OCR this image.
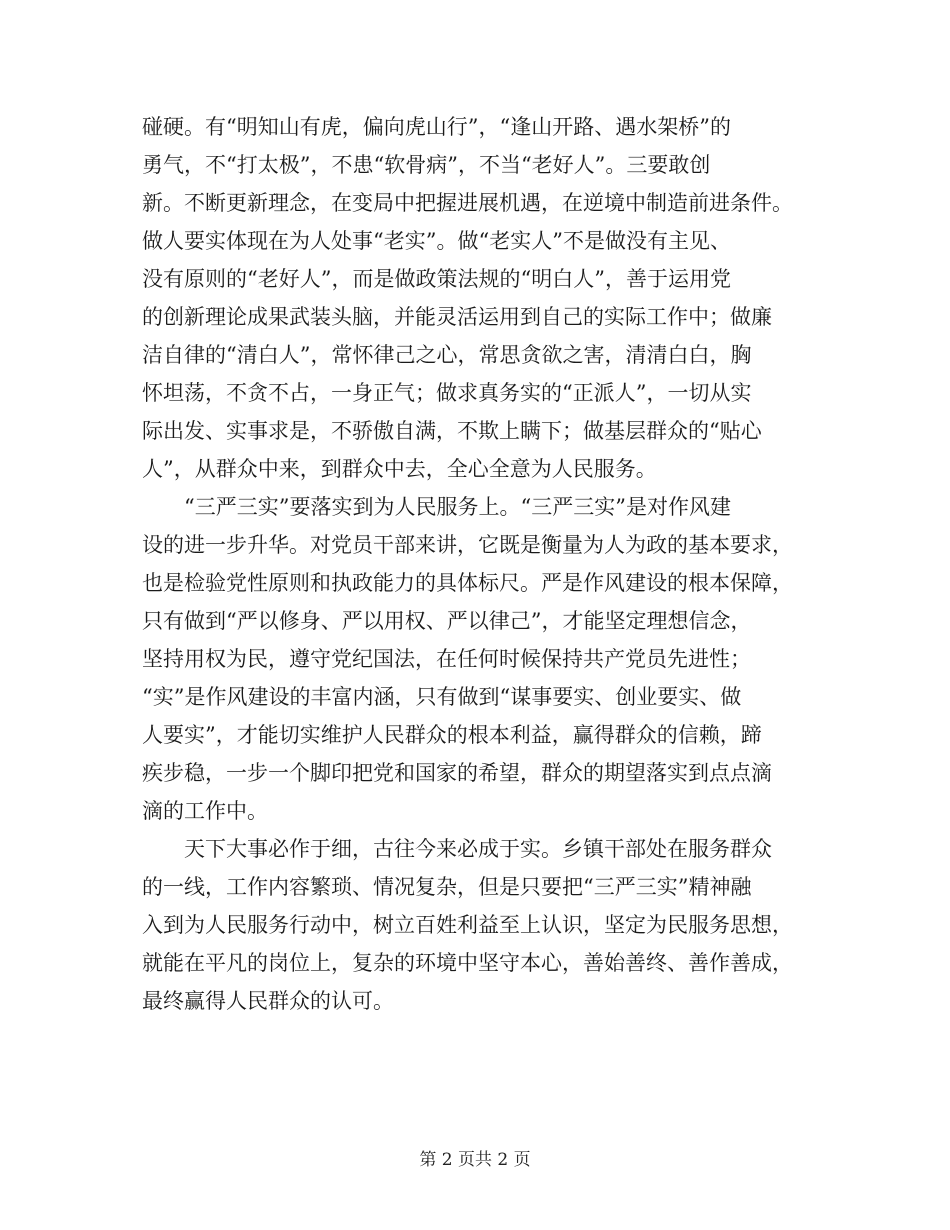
碰硬。有“明知山有虎，偏向虎山行”，“逢山开路、遇水架桥”的
勇气，不“打太极”，不患“软骨病”，不当“老好人”。三要敢创
新。不断更新理念，在变局中把握进展机遇，在逆境中制造前进条件。
做人要实体现在为人处事“老实”。做“老实人”不是做没有主见、
没有原则的“老好人”，而是做政策法规的“明白人”，善于运用党
的创新理论成果武装头脑，并能灵活运用到自己的实际工作中；做廉
洁自律的“清白人”，常怀律己之心，常思贪欲之害，清清白白，胸
怀坦荡，不贪不占，一身正气；做求真务实的“正派人”，一切从实
际出发、实事求是，不骄傲自满，不欺上瞒下；做基层群众的“贴心
人”，从群众中来，到群众中去，全心全意为人民服务。
“三严三实”要落实到为人民服务上。“三严三实”是对作风建
设的进一步升华。对党员干部来讲，它既是衡量为人为政的基本要求，
也是检验党性原则和执政能力的具体标尺。严是作风建设的根本保障，
只有做到“严以修身、严以用权、严以律己”，才能坚定理想信念，
坚持用权为民，遵守党纪国法，在任何时候保持共产党员先进性；
“实”是作风建设的丰富内涵，只有做到“谋事要实、创业要实、做
人要实”，才能切实维护人民群众的根本利益，赢得群众的信赖，蹄
疾步稳，一步一个脚印把党和国家的希望，群众的期望落实到点点滴
滴的工作中。
天下大事必作于细，古往今来必成于实。乡镇干部处在服务群众
的一线，工作内容繁琐、情况复杂，但是只要把“三严三实”精神融
入到为人民服务行动中，树立百姓利益至上认识，坚定为民服务思想，
就能在平凡的岗位上，复杂的环境中坚守本心，善始善终、善作善成，
最终赢得人民群众的认可。
第 2 页共 2 页
